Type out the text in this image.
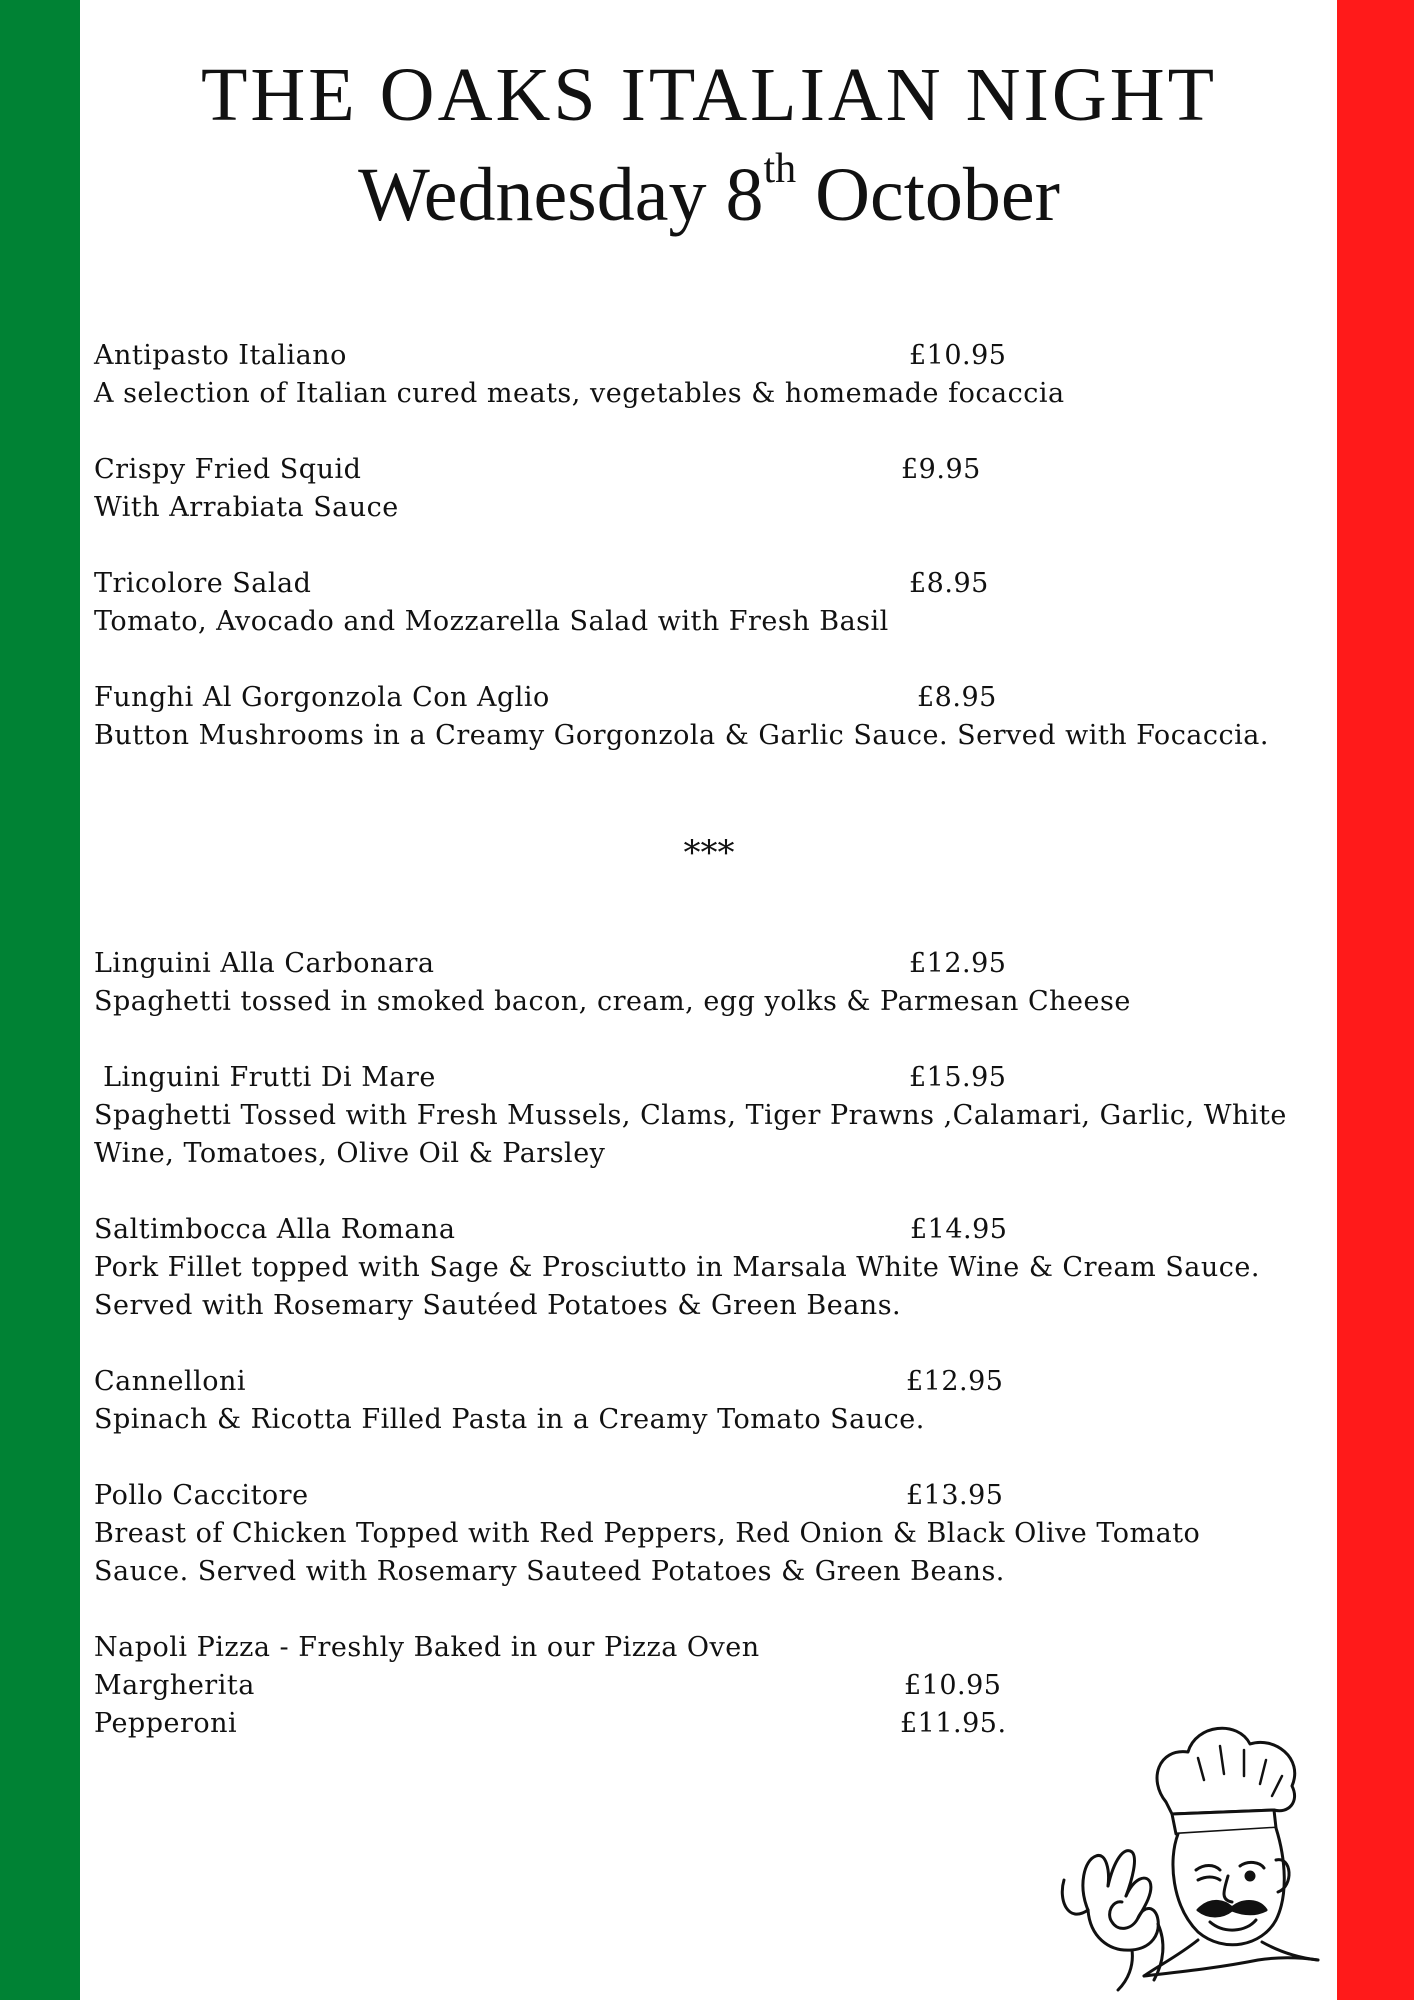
THE OAKS ITALIAN NIGHT
Wednesday 8th October
Antipasto Italiano	£10.95
A selection of Italian cured meats, vegetables & homemade focaccia
Crispy Fried Squid	£9.95
With Arrabiata Sauce
Tricolore Salad	£8.95
Tomato, Avocado and Mozzarella Salad with Fresh Basil
Funghi Al Gorgonzola Con Aglio	£8.95
Button Mushrooms in a Creamy Gorgonzola & Garlic Sauce. Served with Focaccia.
***
Linguini Alla Carbonara	£12.95
Spaghetti tossed in smoked bacon, cream, egg yolks & Parmesan Cheese
Linguini Frutti Di Mare	£15.95
Spaghetti Tossed with Fresh Mussels, Clams, Tiger Prawns ,Calamari, Garlic, White
Wine, Tomatoes, Olive Oil & Parsley
Saltimbocca Alla Romana	£14.95
Pork Fillet topped with Sage & Prosciutto in Marsala White Wine & Cream Sauce.
Served with Rosemary Sautéed Potatoes & Green Beans.
Cannelloni	£12.95
Spinach & Ricotta Filled Pasta in a Creamy Tomato Sauce.
Pollo Caccitore	£13.95
Breast of Chicken Topped with Red Peppers, Red Onion & Black Olive Tomato
Sauce. Served with Rosemary Sauteed Potatoes & Green Beans.
Napoli Pizza - Freshly Baked in our Pizza Oven
Margherita	£10.95
Pepperoni	£11.95.
